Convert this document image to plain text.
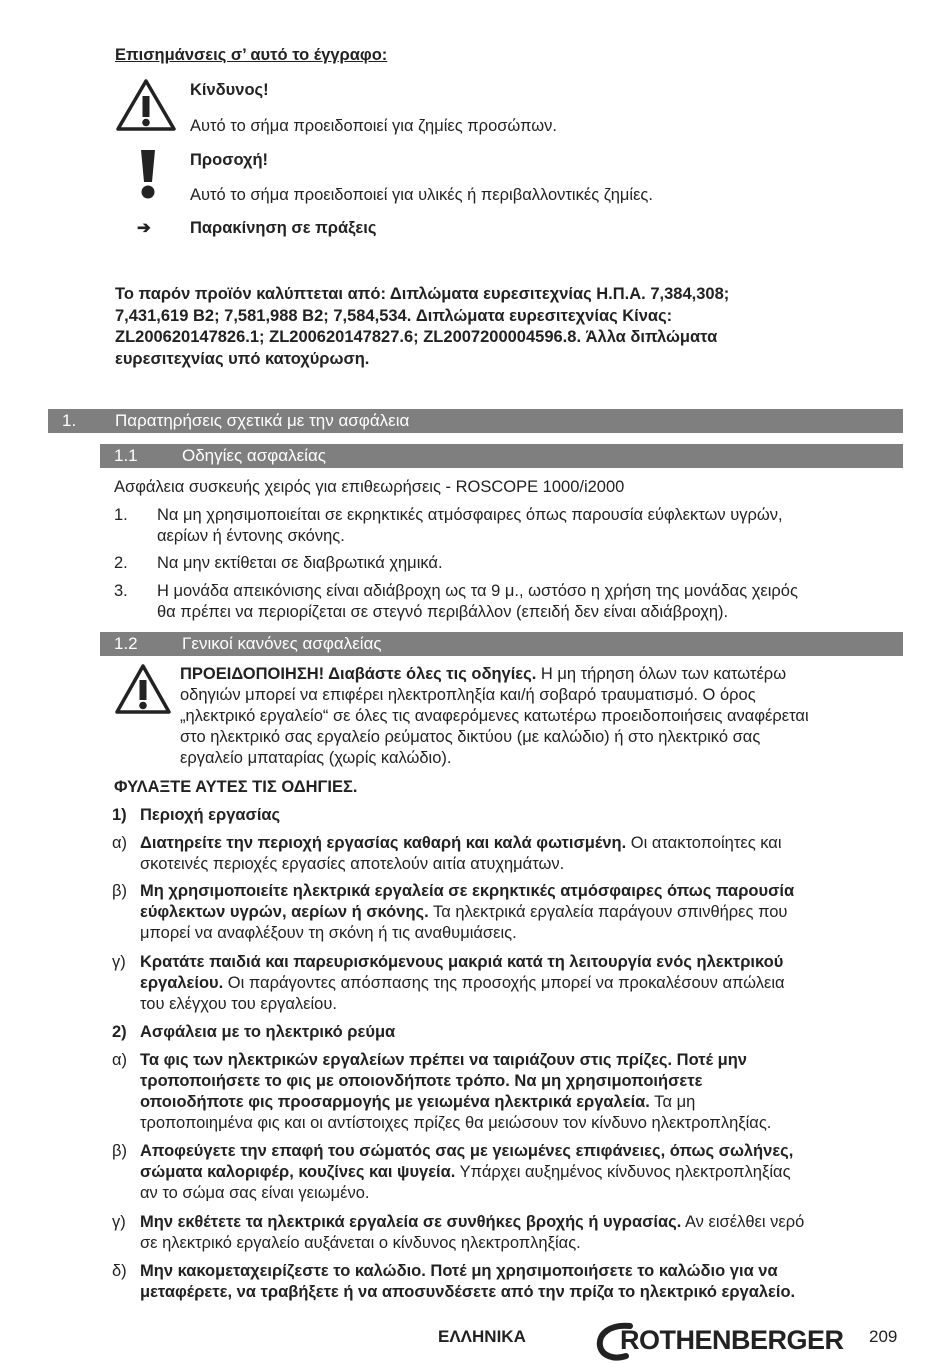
Επισημάνσεις σ’ αυτό το έγγραφο:
Κίνδυνος!
Αυτό το σήμα προειδοποιεί για ζημίες προσώπων.
Προσοχή!
Αυτό το σήμα προειδοποιεί για υλικές ή περιβαλλοντικές ζημίες.
➔ Παρακίνηση σε πράξεις
Το παρόν προϊόν καλύπτεται από: Διπλώματα ευρεσιτεχνίας Η.Π.Α. 7,384,308;
7,431,619 B2; 7,581,988 B2; 7,584,534. Διπλώματα ευρεσιτεχνίας Κίνας:
ZL200620147826.1; ZL200620147827.6; ZL2007200004596.8. Άλλα διπλώματα
ευρεσιτεχνίας υπό κατοχύρωση.
1. Παρατηρήσεις σχετικά με την ασφάλεια
1.1	Οδηγίες ασφαλείας
Ασφάλεια συσκευής χειρός για επιθεωρήσεις - ROSCOPE 1000/i2000
1. Να μη χρησιμοποιείται σε εκρηκτικές ατμόσφαιρες όπως παρουσία εύφλεκτων υγρών,
αερίων ή έντονης σκόνης.
2. Να μην εκτίθεται σε διαβρωτικά χημικά.
3. Η μονάδα απεικόνισης είναι αδιάβροχη ως τα 9 μ., ωστόσο η χρήση της μονάδας χειρός
θα πρέπει να περιορίζεται σε στεγνό περιβάλλον (επειδή δεν είναι αδιάβροχη).
1.2	Γενικοί κανόνες ασφαλείας
ΠΡΟΕΙΔΟΠΟΙΗΣΗ! Διαβάστε όλες τις οδηγίες. Η μη τήρηση όλων των κατωτέρω
οδηγιών μπορεί να επιφέρει ηλεκτροπληξία και/ή σοβαρό τραυματισμό. Ο όρος
„ηλεκτρικό εργαλείο“ σε όλες τις αναφερόμενες κατωτέρω προειδοποιήσεις αναφέρεται
στο ηλεκτρικό σας εργαλείο ρεύματος δικτύου (με καλώδιο) ή στο ηλεκτρικό σας
εργαλείο μπαταρίας (χωρίς καλώδιο).
ΦΥΛΑΞΤΕ ΑΥΤΕΣ ΤΙΣ ΟΔΗΓΙΕΣ.
1) Περιοχή εργασίας
α) Διατηρείτε την περιοχή εργασίας καθαρή και καλά φωτισμένη. Οι ατακτοποίητες και
σκοτεινές περιοχές εργασίες αποτελούν αιτία ατυχημάτων.
β) Μη χρησιμοποιείτε ηλεκτρικά εργαλεία σε εκρηκτικές ατμόσφαιρες όπως παρουσία
εύφλεκτων υγρών, αερίων ή σκόνης. Τα ηλεκτρικά εργαλεία παράγουν σπινθήρες που
μπορεί να αναφλέξουν τη σκόνη ή τις αναθυμιάσεις.
γ) Κρατάτε παιδιά και παρευρισκόμενους μακριά κατά τη λειτουργία ενός ηλεκτρικού
εργαλείου. Οι παράγοντες απόσπασης της προσοχής μπορεί να προκαλέσουν απώλεια
του ελέγχου του εργαλείου.
2) Ασφάλεια με το ηλεκτρικό ρεύμα
α) Τα φις των ηλεκτρικών εργαλείων πρέπει να ταιριάζουν στις πρίζες. Ποτέ μην
τροποποιήσετε το φις με οποιονδήποτε τρόπο. Να μη χρησιμοποιήσετε
οποιοδήποτε φις προσαρμογής με γειωμένα ηλεκτρικά εργαλεία. Τα μη
τροποποιημένα φις και οι αντίστοιχες πρίζες θα μειώσουν τον κίνδυνο ηλεκτροπληξίας.
β) Αποφεύγετε την επαφή του σώματός σας με γειωμένες επιφάνειες, όπως σωλήνες,
σώματα καλοριφέρ, κουζίνες και ψυγεία. Υπάρχει αυξημένος κίνδυνος ηλεκτροπληξίας
αν το σώμα σας είναι γειωμένο.
γ) Μην εκθέτετε τα ηλεκτρικά εργαλεία σε συνθήκες βροχής ή υγρασίας. Αν εισέλθει νερό
σε ηλεκτρικό εργαλείο αυξάνεται ο κίνδυνος ηλεκτροπληξίας.
δ) Μην κακομεταχειρίζεστε το καλώδιο. Ποτέ μη χρησιμοποιήσετε το καλώδιο για να
μεταφέρετε, να τραβήξετε ή να αποσυνδέσετε από την πρίζα το ηλεκτρικό εργαλείο.
ΕΛΛΗΝΙΚΑ	ROTHENBERGER 209
